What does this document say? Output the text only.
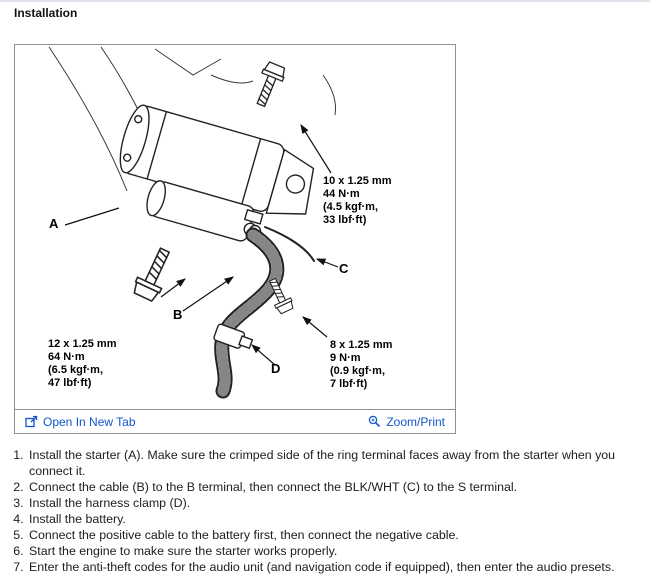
Installation
A
B
C
D
10 x 1.25 mm
44 N·m
(4.5 kgf·m,
33 lbf·ft)
12 x 1.25 mm
64 N·m
(6.5 kgf·m,
47 lbf·ft)
8 x 1.25 mm
9 N·m
(0.9 kgf·m,
7 lbf·ft)
Open In New Tab	Zoom/Print
1. Install the starter (A). Make sure the crimped side of the ring terminal faces away from the starter when you connect it.
2. Connect the cable (B) to the B terminal, then connect the BLK/WHT (C) to the S terminal.
3. Install the harness clamp (D).
4. Install the battery.
5. Connect the positive cable to the battery first, then connect the negative cable.
6. Start the engine to make sure the starter works properly.
7. Enter the anti-theft codes for the audio unit (and navigation code if equipped), then enter the audio presets.
